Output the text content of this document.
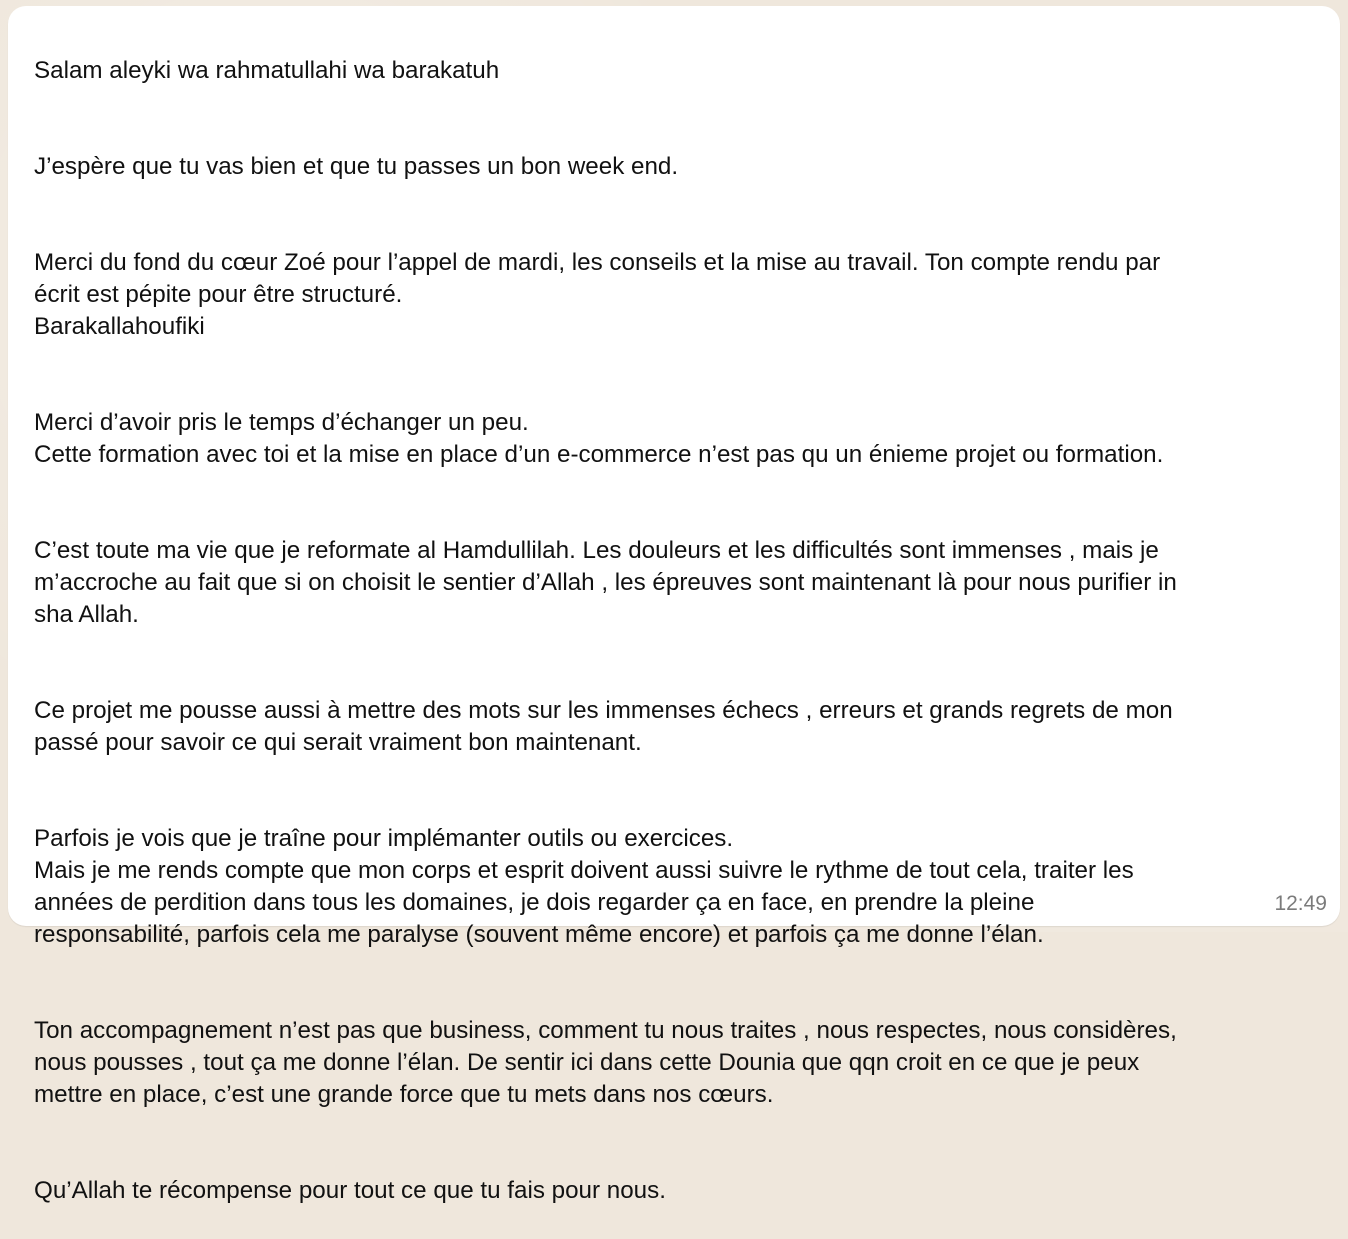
Salam aleyki wa rahmatullahi wa barakatuh

J’espère que tu vas bien et que tu passes un bon week end.

Merci du fond du cœur Zoé pour l’appel de mardi, les conseils et la mise au travail. Ton compte rendu par
écrit est pépite pour être structuré.
Barakallahoufiki

Merci d’avoir pris le temps d’échanger un peu.
Cette formation avec toi et la mise en place d’un e-commerce n’est pas qu un énieme projet ou formation.

C’est toute ma vie que je reformate al Hamdullilah. Les douleurs et les difficultés sont immenses , mais je
m’accroche au fait que si on choisit le sentier d’Allah , les épreuves sont maintenant là pour nous purifier in
sha Allah.

Ce projet me pousse aussi à mettre des mots sur les immenses échecs , erreurs et grands regrets de mon
passé pour savoir ce qui serait vraiment bon maintenant.

Parfois je vois que je traîne pour implémanter outils ou exercices.
Mais je me rends compte que mon corps et esprit doivent aussi suivre le rythme de tout cela, traiter les
années de perdition dans tous les domaines, je dois regarder ça en face, en prendre la pleine
responsabilité, parfois cela me paralyse (souvent même encore) et parfois ça me donne l’élan.

Ton accompagnement n’est pas que business, comment tu nous traites , nous respectes, nous considères,
nous pousses , tout ça me donne l’élan. De sentir ici dans cette Dounia que qqn croit en ce que je peux
mettre en place, c’est une grande force que tu mets dans nos cœurs.

Qu’Allah te récompense pour tout ce que tu fais pour nous.

12:49
